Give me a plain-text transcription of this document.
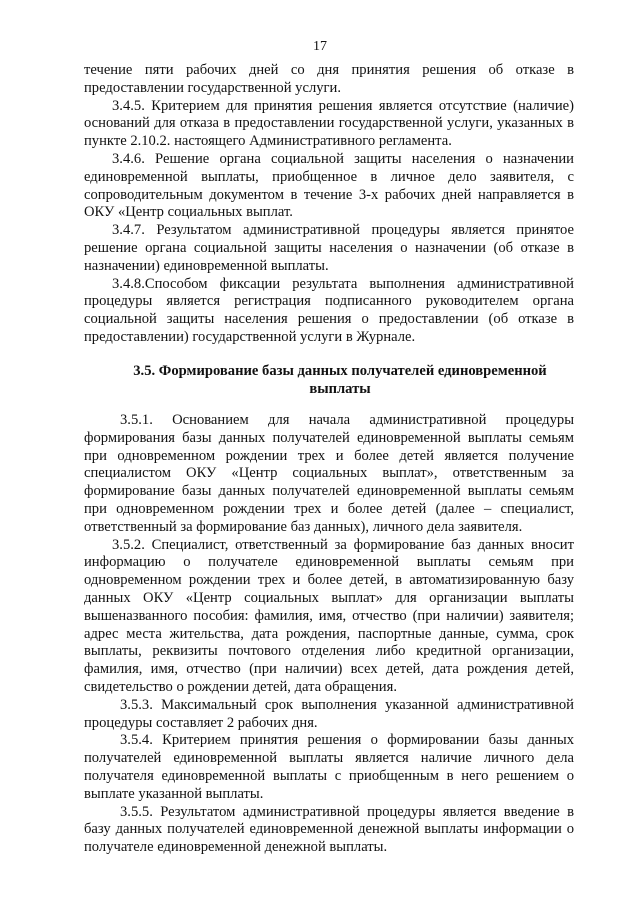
17

течение пяти рабочих дней со дня принятия решения об отказе в предоставлении государственной услуги.

3.4.5. Критерием для принятия решения является отсутствие (наличие) оснований для отказа в предоставлении государственной услуги, указанных в пункте 2.10.2. настоящего Административного регламента.

3.4.6. Решение органа социальной защиты населения о назначении единовременной выплаты, приобщенное в личное дело заявителя, с сопроводительным документом в течение 3-х рабочих дней направляется в ОКУ «Центр социальных выплат.

3.4.7. Результатом административной процедуры является принятое решение органа социальной защиты населения о назначении (об отказе в назначении) единовременной выплаты.

3.4.8.Способом фиксации результата выполнения административной процедуры является регистрация подписанного руководителем органа социальной защиты населения решения о предоставлении (об отказе в предоставлении) государственной услуги в Журнале.

3.5. Формирование базы данных получателей единовременной выплаты

3.5.1. Основанием для начала административной процедуры формирования базы данных получателей единовременной выплаты семьям при одновременном рождении трех и более детей является получение специалистом ОКУ «Центр социальных выплат», ответственным за формирование базы данных получателей единовременной выплаты семьям при одновременном рождении трех и более детей (далее – специалист, ответственный за формирование баз данных), личного дела заявителя.

3.5.2. Специалист, ответственный за формирование баз данных вносит информацию о получателе единовременной выплаты семьям при одновременном рождении трех и более детей, в автоматизированную базу данных ОКУ «Центр социальных выплат» для организации выплаты вышеназванного пособия: фамилия, имя, отчество (при наличии) заявителя; адрес места жительства, дата рождения, паспортные данные, сумма, срок выплаты, реквизиты почтового отделения либо кредитной организации, фамилия, имя, отчество (при наличии) всех детей, дата рождения детей, свидетельство о рождении детей, дата обращения.

3.5.3. Максимальный срок выполнения указанной административной процедуры составляет 2 рабочих дня.

3.5.4. Критерием принятия решения о формировании базы данных получателей единовременной выплаты является наличие личного дела получателя единовременной выплаты с приобщенным в него решением о выплате указанной выплаты.

3.5.5. Результатом административной процедуры является введение в базу данных получателей единовременной денежной выплаты информации о получателе единовременной денежной выплаты.
